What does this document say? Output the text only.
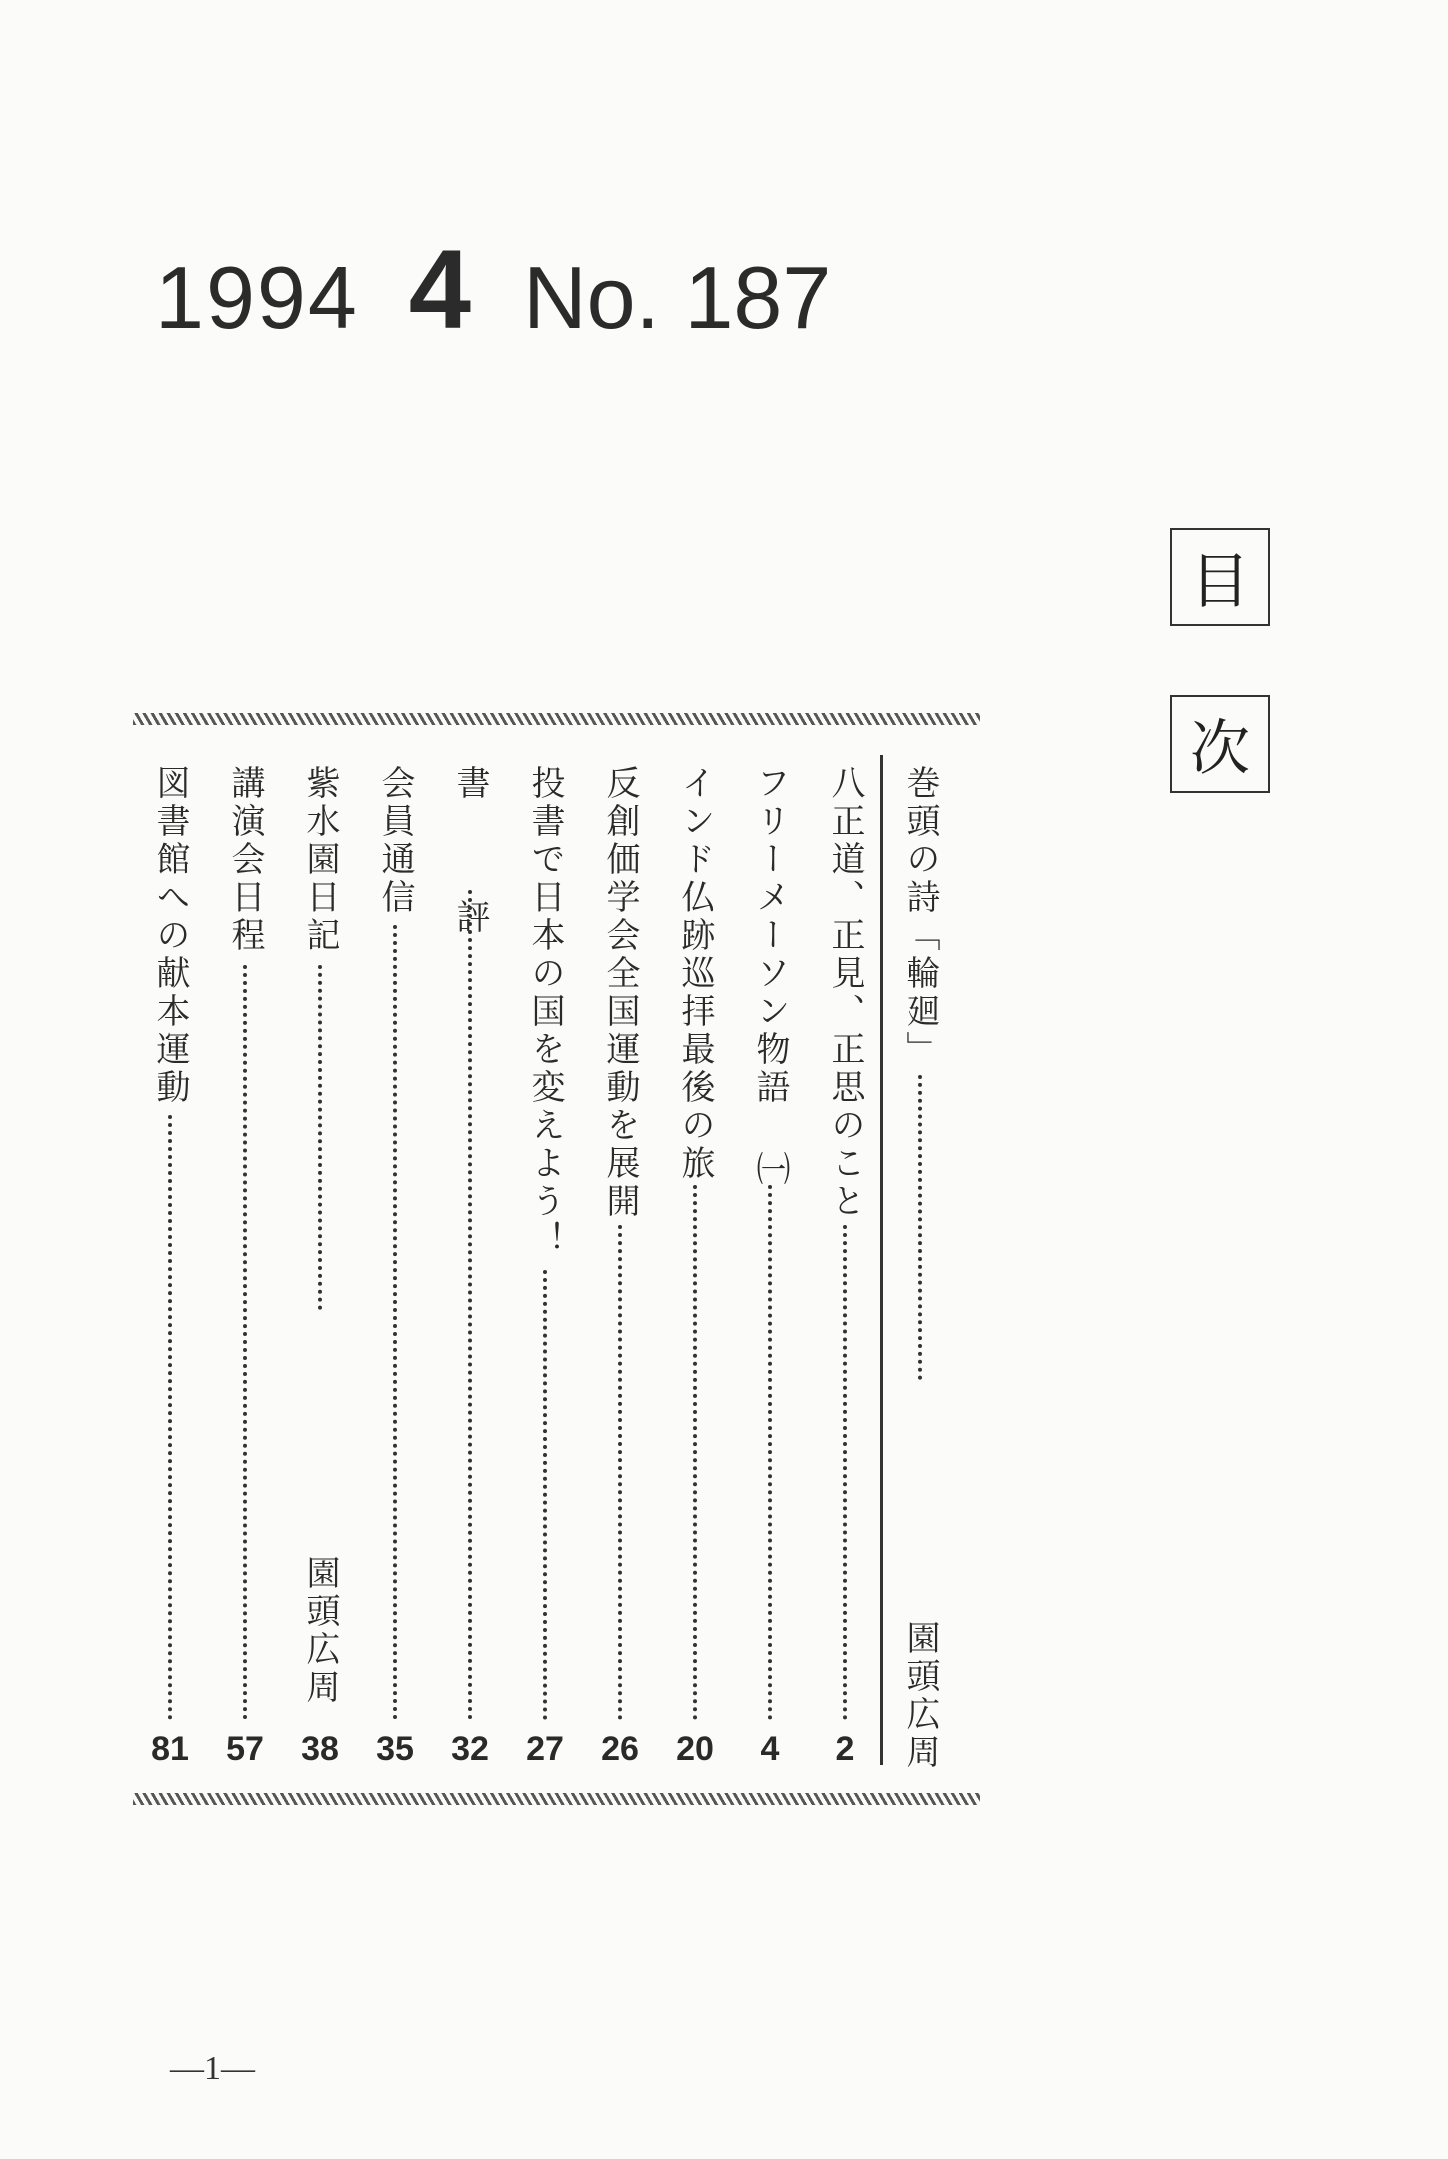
1994 4 No. 187
目
次
巻頭の詩「輪廻」
園頭広周
八正道、正見、正思のこと
2
フリーメーソン物語 ㈠
4
インド仏跡巡拝最後の旅
20
反創価学会全国運動を展開
26
投書で日本の国を変えよう！
27
書 評
32
会員通信
35
紫水園日記
園頭広周
38
講演会日程
57
図書館への献本運動
81
―1―
